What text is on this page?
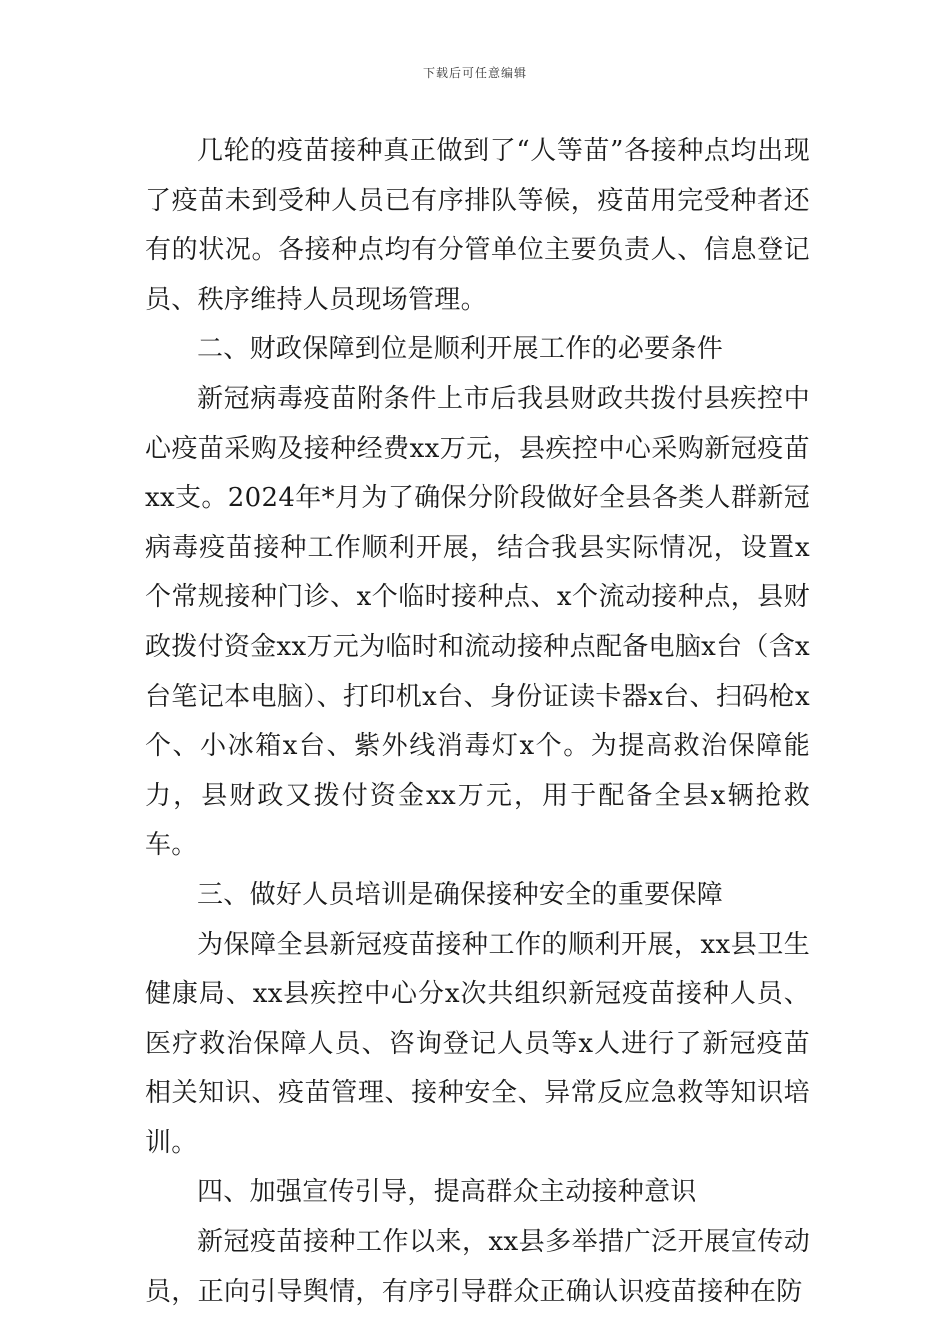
下载后可任意编辑

几轮的疫苗接种真正做到了“人等苗”各接种点均出现了疫苗未到受种人员已有序排队等候，疫苗用完受种者还有的状况。各接种点均有分管单位主要负责人、信息登记员、秩序维持人员现场管理。

二、财政保障到位是顺利开展工作的必要条件

新冠病毒疫苗附条件上市后我县财政共拨付县疾控中心疫苗采购及接种经费xx万元，县疾控中心采购新冠疫苗xx支。2024年*月为了确保分阶段做好全县各类人群新冠病毒疫苗接种工作顺利开展，结合我县实际情况，设置x个常规接种门诊、x个临时接种点、x个流动接种点，县财政拨付资金xx万元为临时和流动接种点配备电脑x台（含x台笔记本电脑）、打印机x台、身份证读卡器x台、扫码枪x个、小冰箱x台、紫外线消毒灯x个。为提高救治保障能力，县财政又拨付资金xx万元，用于配备全县x辆抢救车。

三、做好人员培训是确保接种安全的重要保障

为保障全县新冠疫苗接种工作的顺利开展，xx县卫生健康局、xx县疾控中心分x次共组织新冠疫苗接种人员、医疗救治保障人员、咨询登记人员等x人进行了新冠疫苗相关知识、疫苗管理、接种安全、异常反应急救等知识培训。

四、加强宣传引导，提高群众主动接种意识

新冠疫苗接种工作以来，xx县多举措广泛开展宣传动员，正向引导舆情，有序引导群众正确认识疫苗接种在防
